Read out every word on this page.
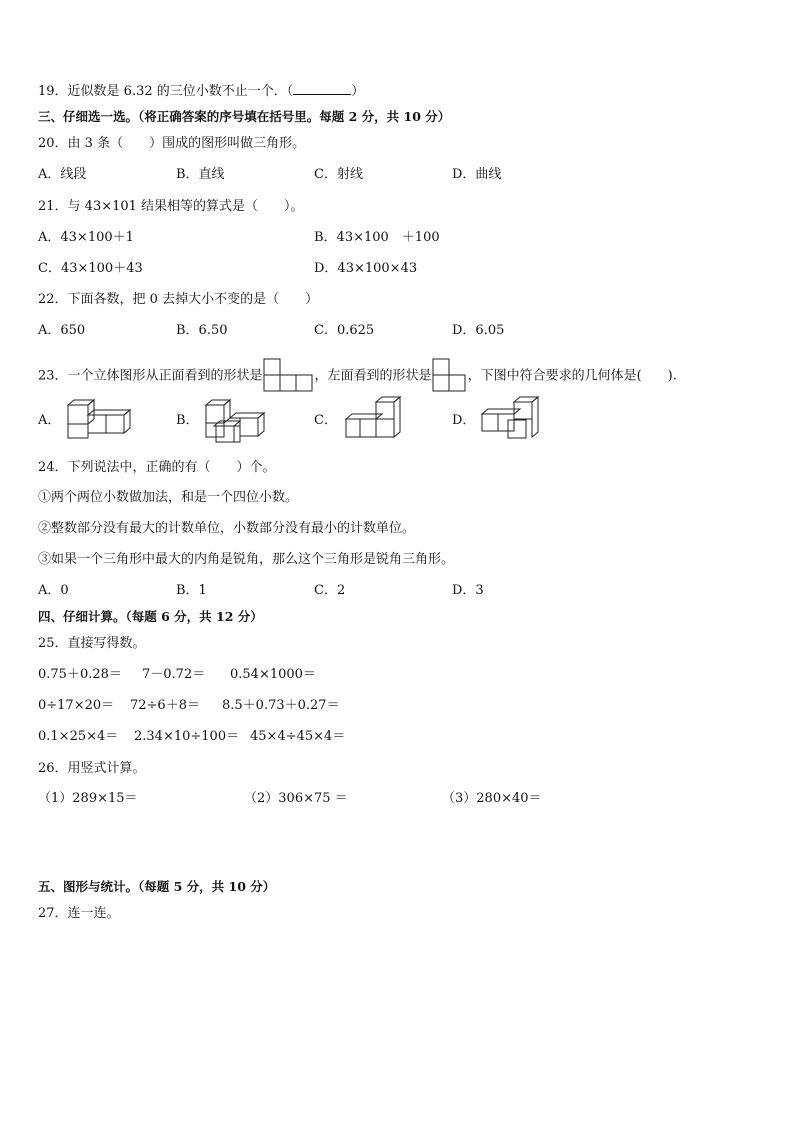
19．近似数是 6.32 的三位小数不止一个．（	）
三、仔细选一选。（将正确答案的序号填在括号里。每题 2 分，共 10 分）
20．由 3 条（　　）围成的图形叫做三角形。
A．线段	B．直线	C．射线	D．曲线
21．与 43×101 结果相等的算式是（　　）。
A．43×100＋1	B．43×100　＋100
C．43×100＋43	D．43×100×43
22．下面各数，把 0 去掉大小不变的是（　　）
A．650	B．6.50	C．0.625	D．6.05
23．一个立体图形从正面看到的形状是	，左面看到的形状是	，下图中符合要求的几何体是(　　).
A．	B．	C．	D．
24．下列说法中，正确的有（　　）个。
①两个两位小数做加法，和是一个四位小数。
②整数部分没有最大的计数单位，小数部分没有最小的计数单位。
③如果一个三角形中最大的内角是锐角，那么这个三角形是锐角三角形。
A．0	B．1	C．2	D．3
四、仔细计算。（每题 6 分，共 12 分）
25．直接写得数。
0.75＋0.28＝ 7－0.72＝ 0.54×1000＝
0÷17×20＝ 72÷6＋8＝ 8.5＋0.73＋0.27＝
0.1×25×4＝ 2.34×10÷100＝ 45×4÷45×4＝
26．用竖式计算。
（1）289×15＝	（2）306×75 ＝	（3）280×40＝
五、图形与统计。（每题 5 分，共 10 分）
27．连一连。
